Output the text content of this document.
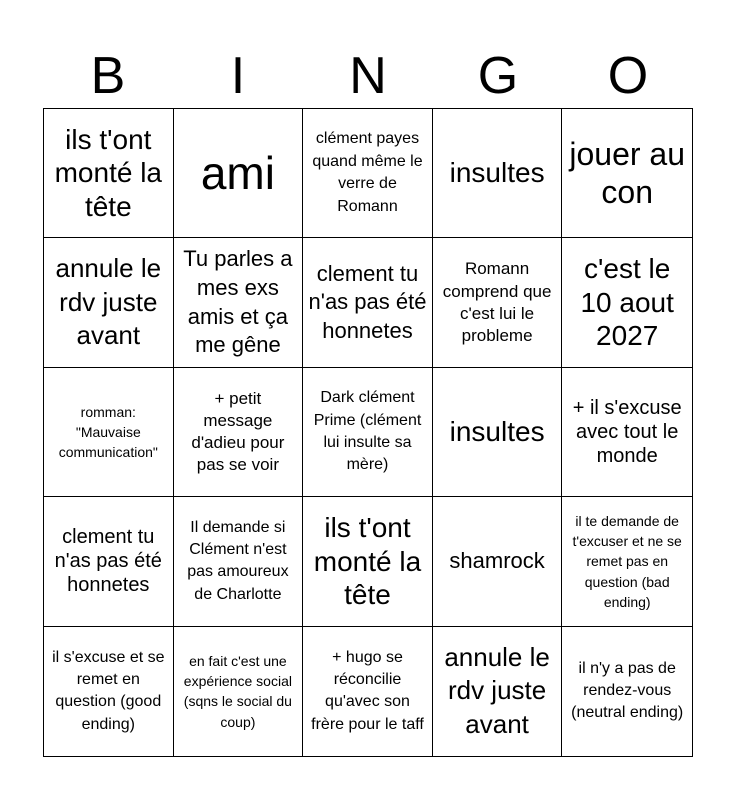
B	I	N	G	O
ils t'ont monté la tête
ami
clément payes quand même le verre de Romann
insultes
jouer au con
annule le rdv juste avant
Tu parles a mes exs amis et ça me gêne
clement tu n'as pas été honnetes
Romann comprend que c'est lui le probleme
c'est le 10 aout 2027
romman: "Mauvaise communication"
+ petit message d'adieu pour pas se voir
Dark clément Prime (clément lui insulte sa mère)
insultes
+ il s'excuse avec tout le monde
clement tu n'as pas été honnetes
Il demande si Clément n'est pas amoureux de Charlotte
ils t'ont monté la tête
shamrock
il te demande de t'excuser et ne se remet pas en question (bad ending)
il s'excuse et se remet en question (good ending)
en fait c'est une expérience social (sqns le social du coup)
+ hugo se réconcilie qu'avec son frère pour le taff
annule le rdv juste avant
il n'y a pas de rendez-vous (neutral ending)
